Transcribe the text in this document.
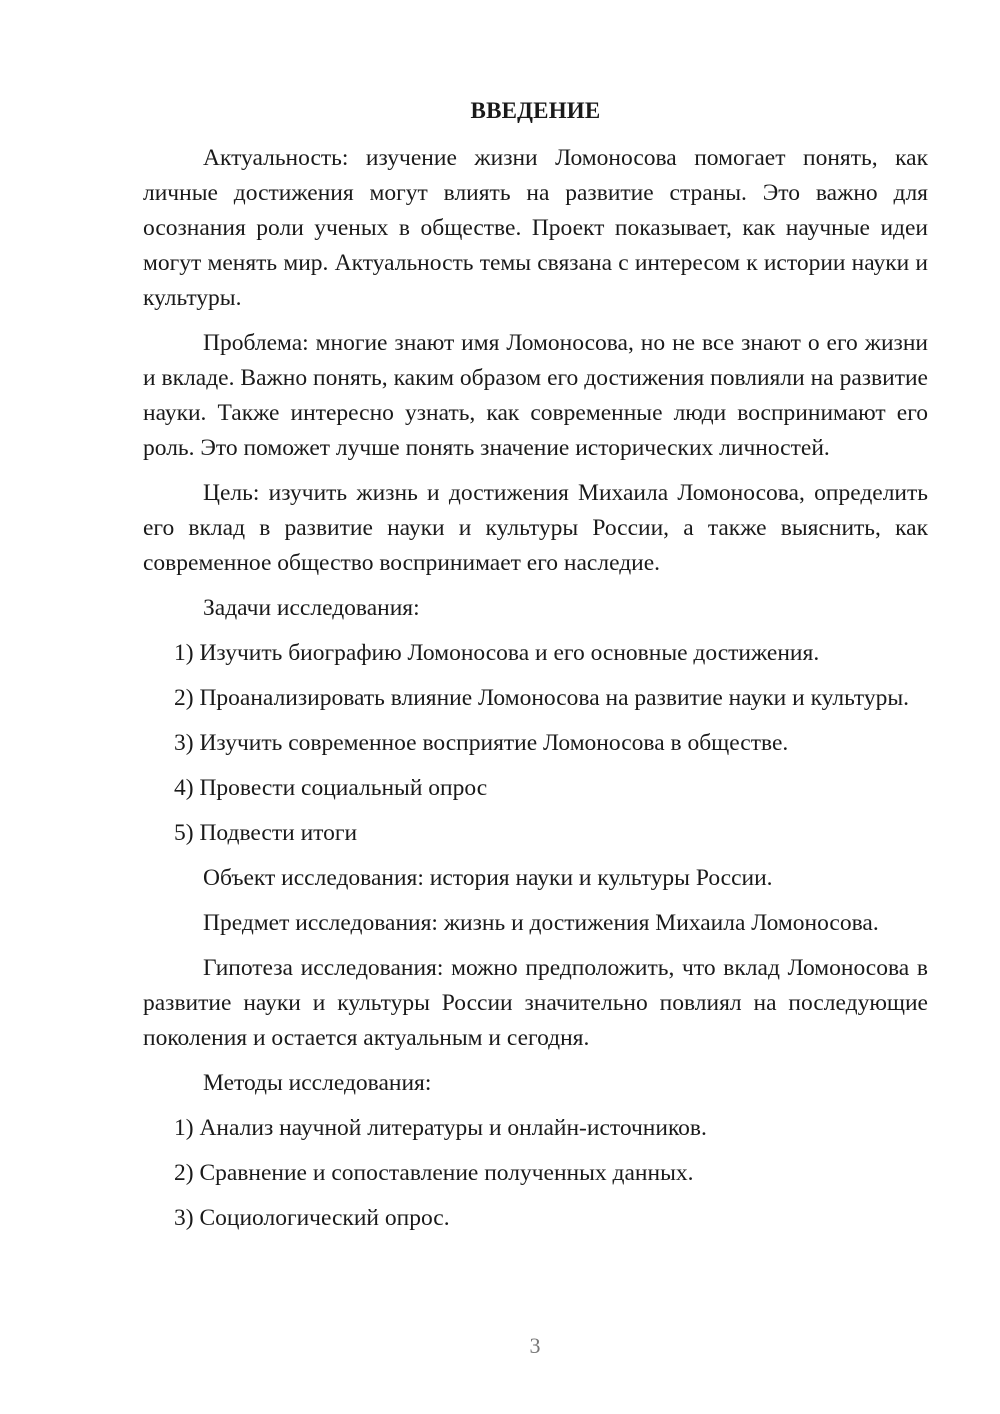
ВВЕДЕНИЕ

Актуальность: изучение жизни Ломоносова помогает понять, как личные достижения могут влиять на развитие страны. Это важно для осознания роли ученых в обществе. Проект показывает, как научные идеи могут менять мир. Актуальность темы связана с интересом к истории науки и культуры.

Проблема: многие знают имя Ломоносова, но не все знают о его жизни и вкладе. Важно понять, каким образом его достижения повлияли на развитие науки. Также интересно узнать, как современные люди воспринимают его роль. Это поможет лучше понять значение исторических личностей.

Цель: изучить жизнь и достижения Михаила Ломоносова, определить его вклад в развитие науки и культуры России, а также выяснить, как современное общество воспринимает его наследие.

Задачи исследования:

1) Изучить биографию Ломоносова и его основные достижения.

2) Проанализировать влияние Ломоносова на развитие науки и культуры.

3) Изучить современное восприятие Ломоносова в обществе.

4) Провести социальный опрос

5) Подвести итоги

Объект исследования: история науки и культуры России.

Предмет исследования: жизнь и достижения Михаила Ломоносова.

Гипотеза исследования: можно предположить, что вклад Ломоносова в развитие науки и культуры России значительно повлиял на последующие поколения и остается актуальным и сегодня.

Методы исследования:

1) Анализ научной литературы и онлайн-источников.

2) Сравнение и сопоставление полученных данных.

3) Социологический опрос.

3
